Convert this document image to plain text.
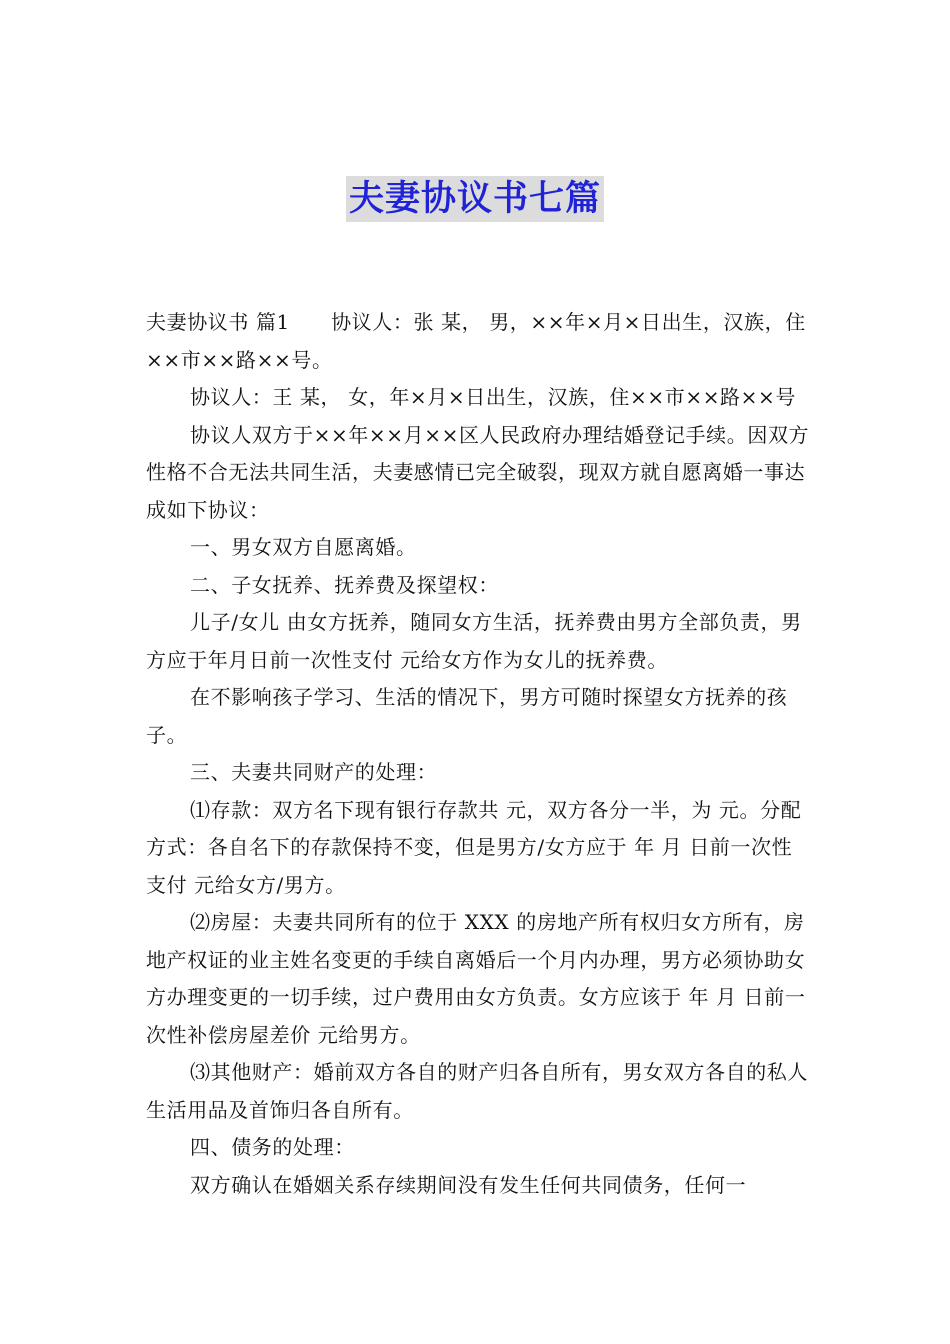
夫妻协议书七篇

夫妻协议书 篇1　　协议人：张 某， 男，××年×月×日出生，汉族，住××市××路××号。

协议人：王 某， 女，年×月×日出生，汉族，住××市××路××号

协议人双方于××年××月××区人民政府办理结婚登记手续。因双方性格不合无法共同生活，夫妻感情已完全破裂，现双方就自愿离婚一事达成如下协议：

一、男女双方自愿离婚。

二、子女抚养、抚养费及探望权：

儿子/女儿 由女方抚养，随同女方生活，抚养费由男方全部负责，男方应于年月日前一次性支付 元给女方作为女儿的抚养费。

在不影响孩子学习、生活的情况下，男方可随时探望女方抚养的孩子。

三、夫妻共同财产的处理：

⑴存款：双方名下现有银行存款共 元，双方各分一半，为 元。分配方式：各自名下的存款保持不变，但是男方/女方应于 年 月 日前一次性支付 元给女方/男方。

⑵房屋：夫妻共同所有的位于 XXX 的房地产所有权归女方所有，房地产权证的业主姓名变更的手续自离婚后一个月内办理，男方必须协助女方办理变更的一切手续，过户费用由女方负责。女方应该于 年 月 日前一次性补偿房屋差价 元给男方。

⑶其他财产：婚前双方各自的财产归各自所有，男女双方各自的私人生活用品及首饰归各自所有。

四、债务的处理：

双方确认在婚姻关系存续期间没有发生任何共同债务，任何一
